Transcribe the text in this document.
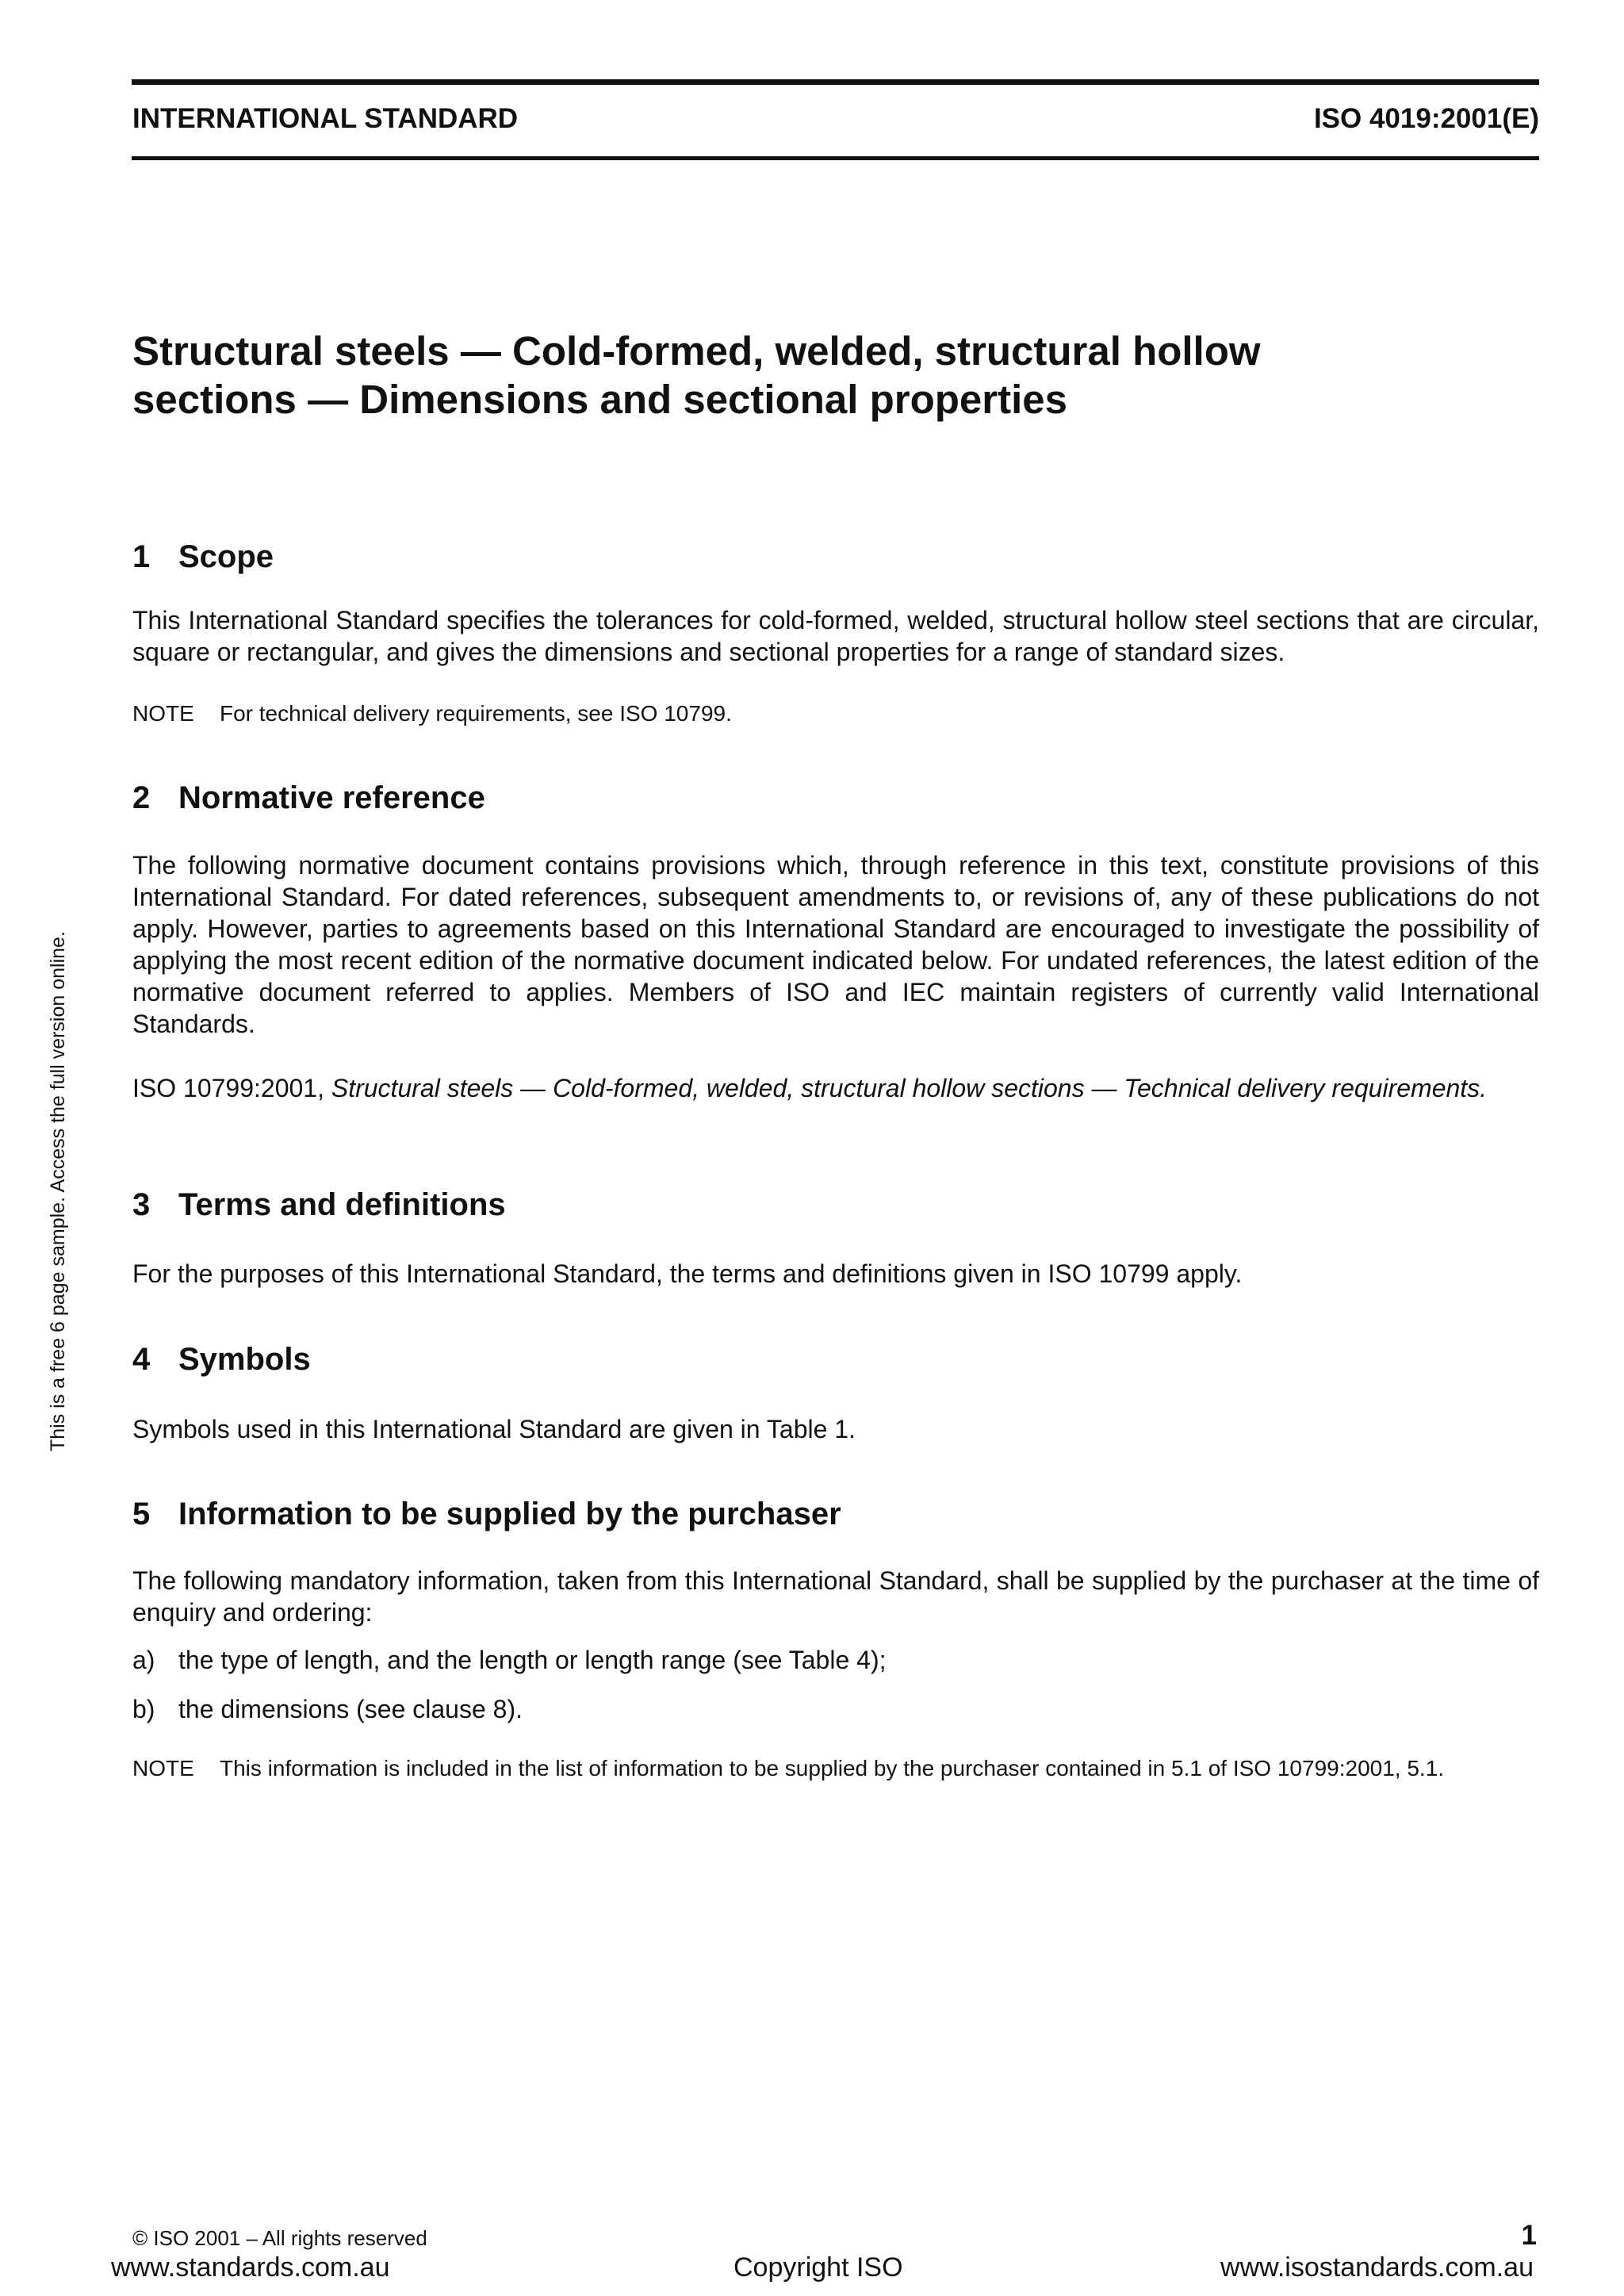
INTERNATIONAL STANDARD	ISO 4019:2001(E)
Structural steels — Cold-formed, welded, structural hollow
sections — Dimensions and sectional properties
1 Scope

This International Standard specifies the tolerances for cold-formed, welded, structural hollow steel sections that are circular, square or rectangular, and gives the dimensions and sectional properties for a range of standard sizes.

NOTE For technical delivery requirements, see ISO 10799.

2 Normative reference

The following normative document contains provisions which, through reference in this text, constitute provisions of this International Standard. For dated references, subsequent amendments to, or revisions of, any of these publications do not apply. However, parties to agreements based on this International Standard are encouraged to investigate the possibility of applying the most recent edition of the normative document indicated below. For undated references, the latest edition of the normative document referred to applies. Members of ISO and IEC maintain registers of currently valid International Standards.

ISO 10799:2001, Structural steels — Cold-formed, welded, structural hollow sections — Technical delivery requirements.

3 Terms and definitions

For the purposes of this International Standard, the terms and definitions given in ISO 10799 apply.

4 Symbols

Symbols used in this International Standard are given in Table 1.

5 Information to be supplied by the purchaser

The following mandatory information, taken from this International Standard, shall be supplied by the purchaser at the time of enquiry and ordering:

a) the type of length, and the length or length range (see Table 4);

b) the dimensions (see clause 8).

NOTE This information is included in the list of information to be supplied by the purchaser contained in 5.1 of ISO 10799:2001, 5.1.

This is a free 6 page sample. Access the full version online.
© ISO 2001 – All rights reserved	1
www.standards.com.au	Copyright ISO	www.isostandards.com.au
